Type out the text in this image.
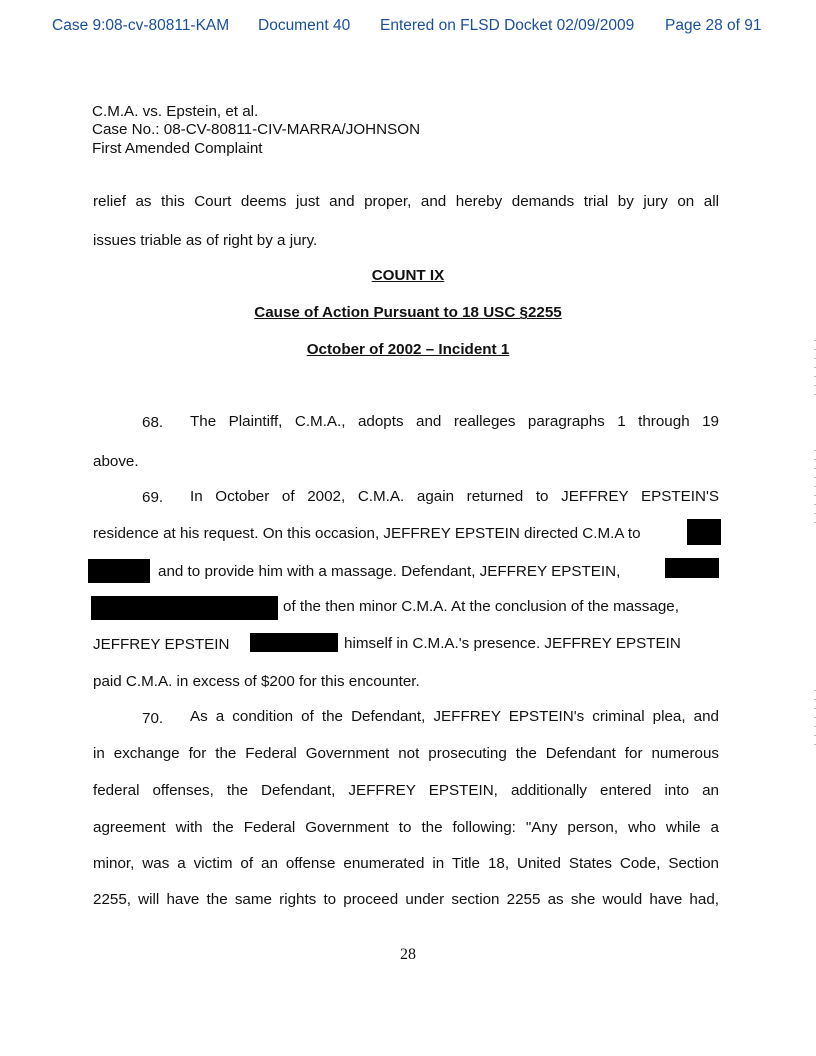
Case 9:08-cv-80811-KAM Document 40 Entered on FLSD Docket 02/09/2009 Page 28 of 91
C.M.A. vs. Epstein, et al.
Case No.: 08-CV-80811-CIV-MARRA/JOHNSON
First Amended Complaint
relief as this Court deems just and proper, and hereby demands trial by jury on all
issues triable as of right by a jury.
COUNT IX
Cause of Action Pursuant to 18 USC §2255
October of 2002 – Incident 1
68. The Plaintiff, C.M.A., adopts and realleges paragraphs 1 through 19
above.
69. In October of 2002, C.M.A. again returned to JEFFREY EPSTEIN'S
residence at his request. On this occasion, JEFFREY EPSTEIN directed C.M.A to
and to provide him with a massage. Defendant, JEFFREY EPSTEIN,
of the then minor C.M.A. At the conclusion of the massage,
JEFFREY EPSTEIN	himself in C.M.A.'s presence. JEFFREY EPSTEIN
paid C.M.A. in excess of $200 for this encounter.
70. As a condition of the Defendant, JEFFREY EPSTEIN's criminal plea, and
in exchange for the Federal Government not prosecuting the Defendant for numerous
federal offenses, the Defendant, JEFFREY EPSTEIN, additionally entered into an
agreement with the Federal Government to the following: "Any person, who while a
minor, was a victim of an offense enumerated in Title 18, United States Code, Section
2255, will have the same rights to proceed under section 2255 as she would have had,
28
